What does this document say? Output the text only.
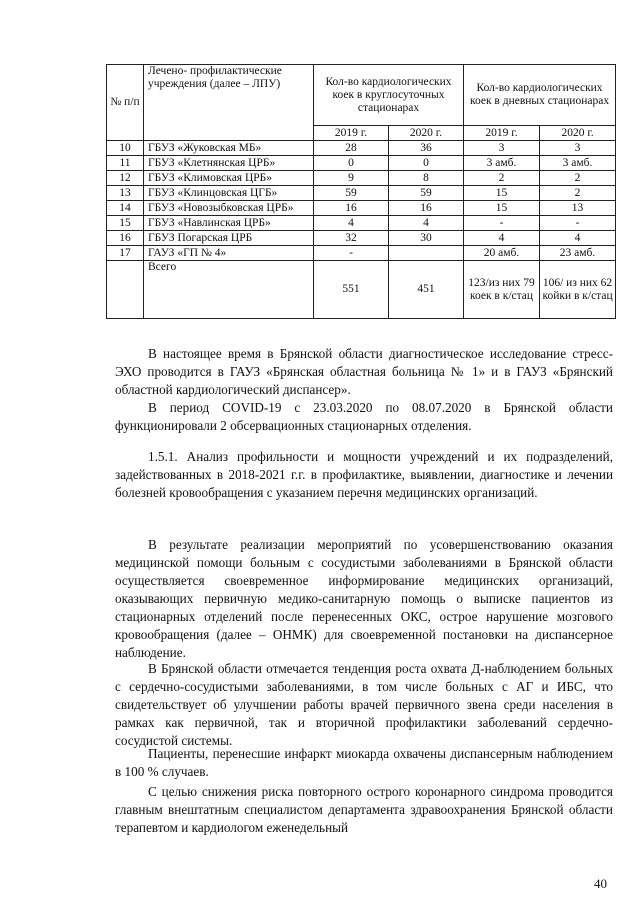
№ п/п	Лечено- профилактические учреждения (далее – ЛПУ)	Кол-во кардиологических коек в круглосуточных стационарах		Кол-во кардиологических коек в дневных стационарах	
		2019 г.	2020 г.	2019 г.	2020 г.
10	ГБУЗ «Жуковская МБ»	28	36	3	3
11	ГБУЗ «Клетнянская ЦРБ»	0	0	3 амб.	3 амб.
12	ГБУЗ «Климовская ЦРБ»	9	8	2	2
13	ГБУЗ «Клинцовская ЦГБ»	59	59	15	2
14	ГБУЗ «Новозыбковская ЦРБ»	16	16	15	13
15	ГБУЗ «Навлинская ЦРБ»	4	4	-	-
16	ГБУЗ Погарская ЦРБ	32	30	4	4
17	ГАУЗ «ГП № 4»	-		20 амб.	23 амб.
	Всего	551	451	123/из них 79 коек в к/стац	106/ из них 62 койки в к/стац
В настоящее время в Брянской области диагностическое исследование стресс-ЭХО проводится в ГАУЗ «Брянская областная больница № 1» и в ГАУЗ «Брянский областной кардиологический диспансер».
В период COVID-19 с 23.03.2020 по 08.07.2020 в Брянской области функционировали 2 обсервационных стационарных отделения.
1.5.1. Анализ профильности и мощности учреждений и их подразделений, задействованных в 2018-2021 г.г. в профилактике, выявлении, диагностике и лечении болезней кровообращения с указанием перечня медицинских организаций.
В результате реализации мероприятий по усовершенствованию оказания медицинской помощи больным с сосудистыми заболеваниями в Брянской области осуществляется своевременное информирование медицинских организаций, оказывающих первичную медико-санитарную помощь о выписке пациентов из стационарных отделений после перенесенных ОКС, острое нарушение мозгового кровообращения (далее – ОНМК) для своевременной постановки на диспансерное наблюдение.
В Брянской области отмечается тенденция роста охвата Д-наблюдением больных с сердечно-сосудистыми заболеваниями, в том числе больных с АГ и ИБС, что свидетельствует об улучшении работы врачей первичного звена среди населения в рамках как первичной, так и вторичной профилактики заболеваний сердечно-сосудистой системы.
Пациенты, перенесшие инфаркт миокарда охвачены диспансерным наблюдением в 100 % случаев.
С целью снижения риска повторного острого коронарного синдрома проводится главным внештатным специалистом департамента здравоохранения Брянской области терапевтом и кардиологом еженедельный
40
